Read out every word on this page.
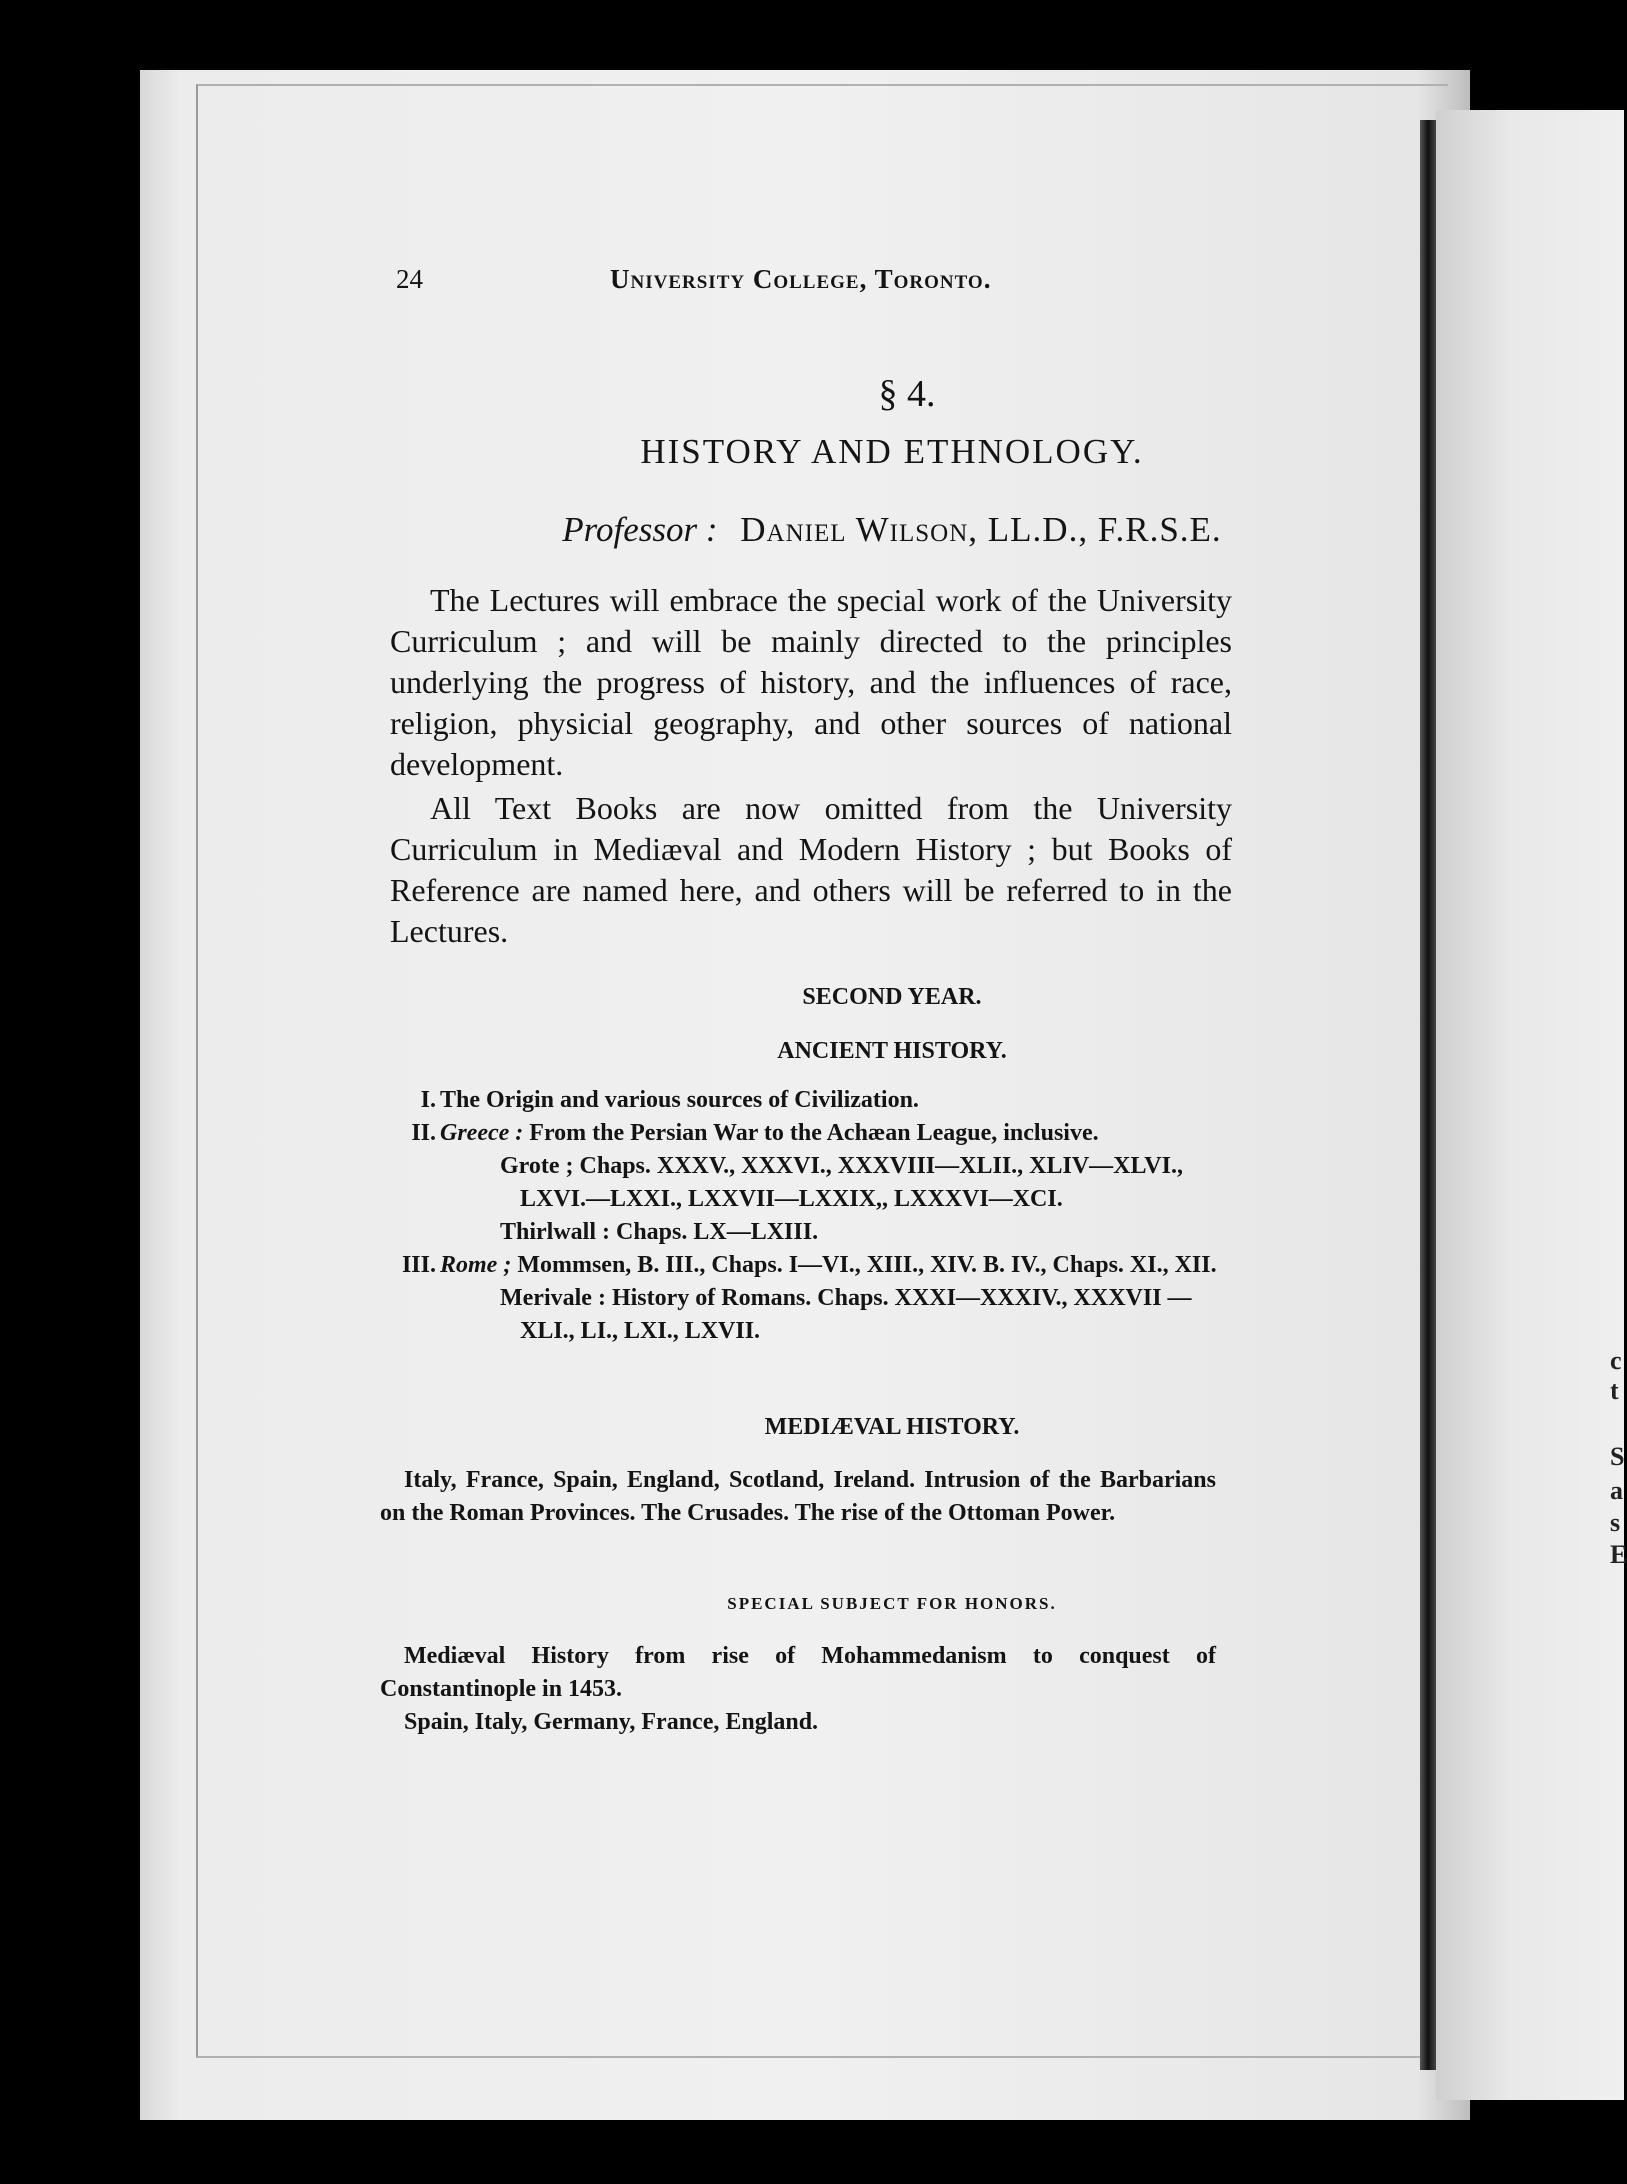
c
t
S
a
s
E
24	University College, Toronto.
§ 4.
HISTORY AND ETHNOLOGY.
Professor : Daniel Wilson, LL.D., F.R.S.E.

The Lectures will embrace the special work of the University Curriculum ; and will be mainly directed to the principles underlying the progress of history, and the influences of race, religion, physicial geography, and other sources of national development.

All Text Books are now omitted from the University Curriculum in Mediæval and Modern History ; but Books of Reference are named here, and others will be referred to in the Lectures.

SECOND YEAR.
ANCIENT HISTORY.
I. The Origin and various sources of Civilization.
II. Greece : From the Persian War to the Achæan League, inclusive.
Grote ; Chaps. XXXV., XXXVI., XXXVIII—XLII., XLIV—XLVI., LXVI.—LXXI., LXXVII—LXXIX,, LXXXVI—XCI.
Thirlwall : Chaps. LX—LXIII.
III. Rome ; Mommsen, B. III., Chaps. I—VI., XIII., XIV. B. IV., Chaps. XI., XII.
Merivale : History of Romans. Chaps. XXXI—XXXIV., XXXVII —XLI., LI., LXI., LXVII.
MEDIÆVAL HISTORY.

Italy, France, Spain, England, Scotland, Ireland. Intrusion of the Barbarians on the Roman Provinces. The Crusades. The rise of the Ottoman Power.

SPECIAL SUBJECT FOR HONORS.

Mediæval History from rise of Mohammedanism to conquest of Constantinople in 1453.

Spain, Italy, Germany, France, England.
